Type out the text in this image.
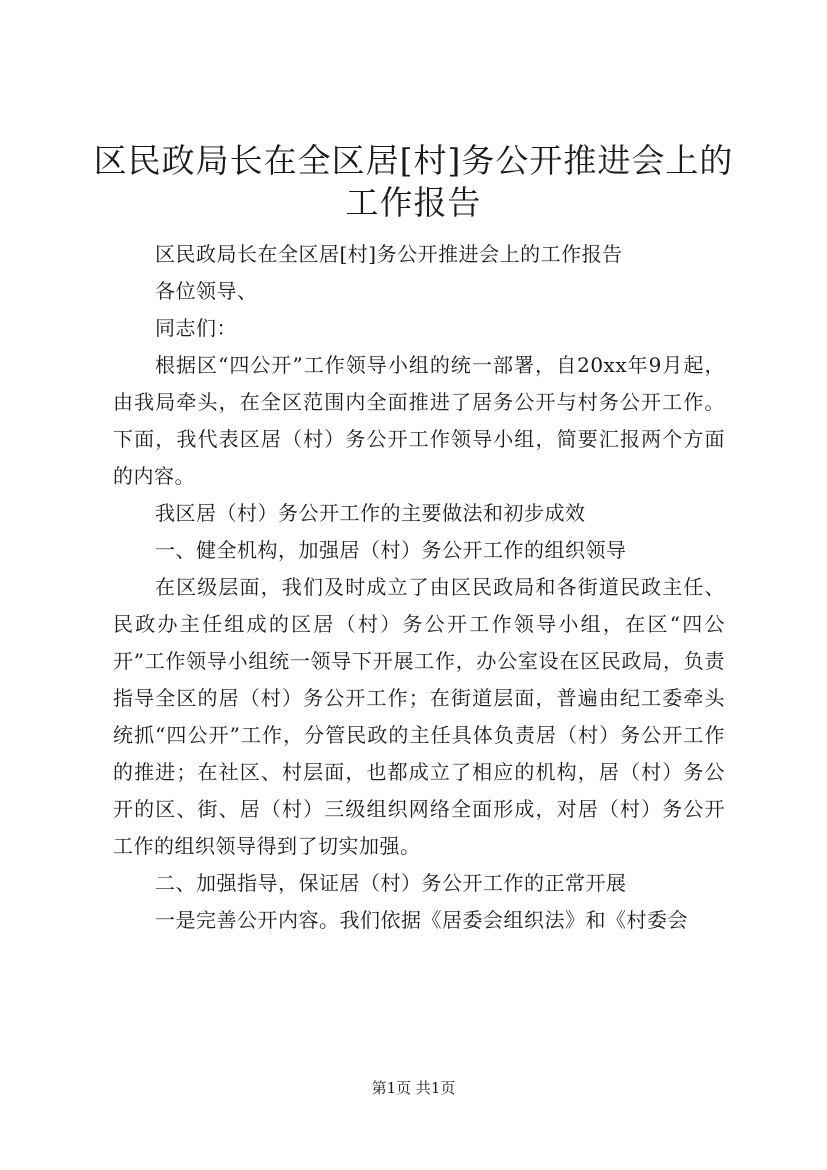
区民政局长在全区居[村]务公开推进会上的工作报告

区民政局长在全区居[村]务公开推进会上的工作报告

各位领导、

同志们：

根据区“四公开”工作领导小组的统一部署，自20xx年9月起，由我局牵头，在全区范围内全面推进了居务公开与村务公开工作。下面，我代表区居（村）务公开工作领导小组，简要汇报两个方面的内容。

我区居（村）务公开工作的主要做法和初步成效

一、健全机构，加强居（村）务公开工作的组织领导

在区级层面，我们及时成立了由区民政局和各街道民政主任、民政办主任组成的区居（村）务公开工作领导小组，在区“四公开”工作领导小组统一领导下开展工作，办公室设在区民政局，负责指导全区的居（村）务公开工作；在街道层面，普遍由纪工委牵头统抓“四公开”工作，分管民政的主任具体负责居（村）务公开工作的推进；在社区、村层面，也都成立了相应的机构，居（村）务公开的区、街、居（村）三级组织网络全面形成，对居（村）务公开工作的组织领导得到了切实加强。

二、加强指导，保证居（村）务公开工作的正常开展

一是完善公开内容。我们依据《居委会组织法》和《村委会

第1页 共1页
